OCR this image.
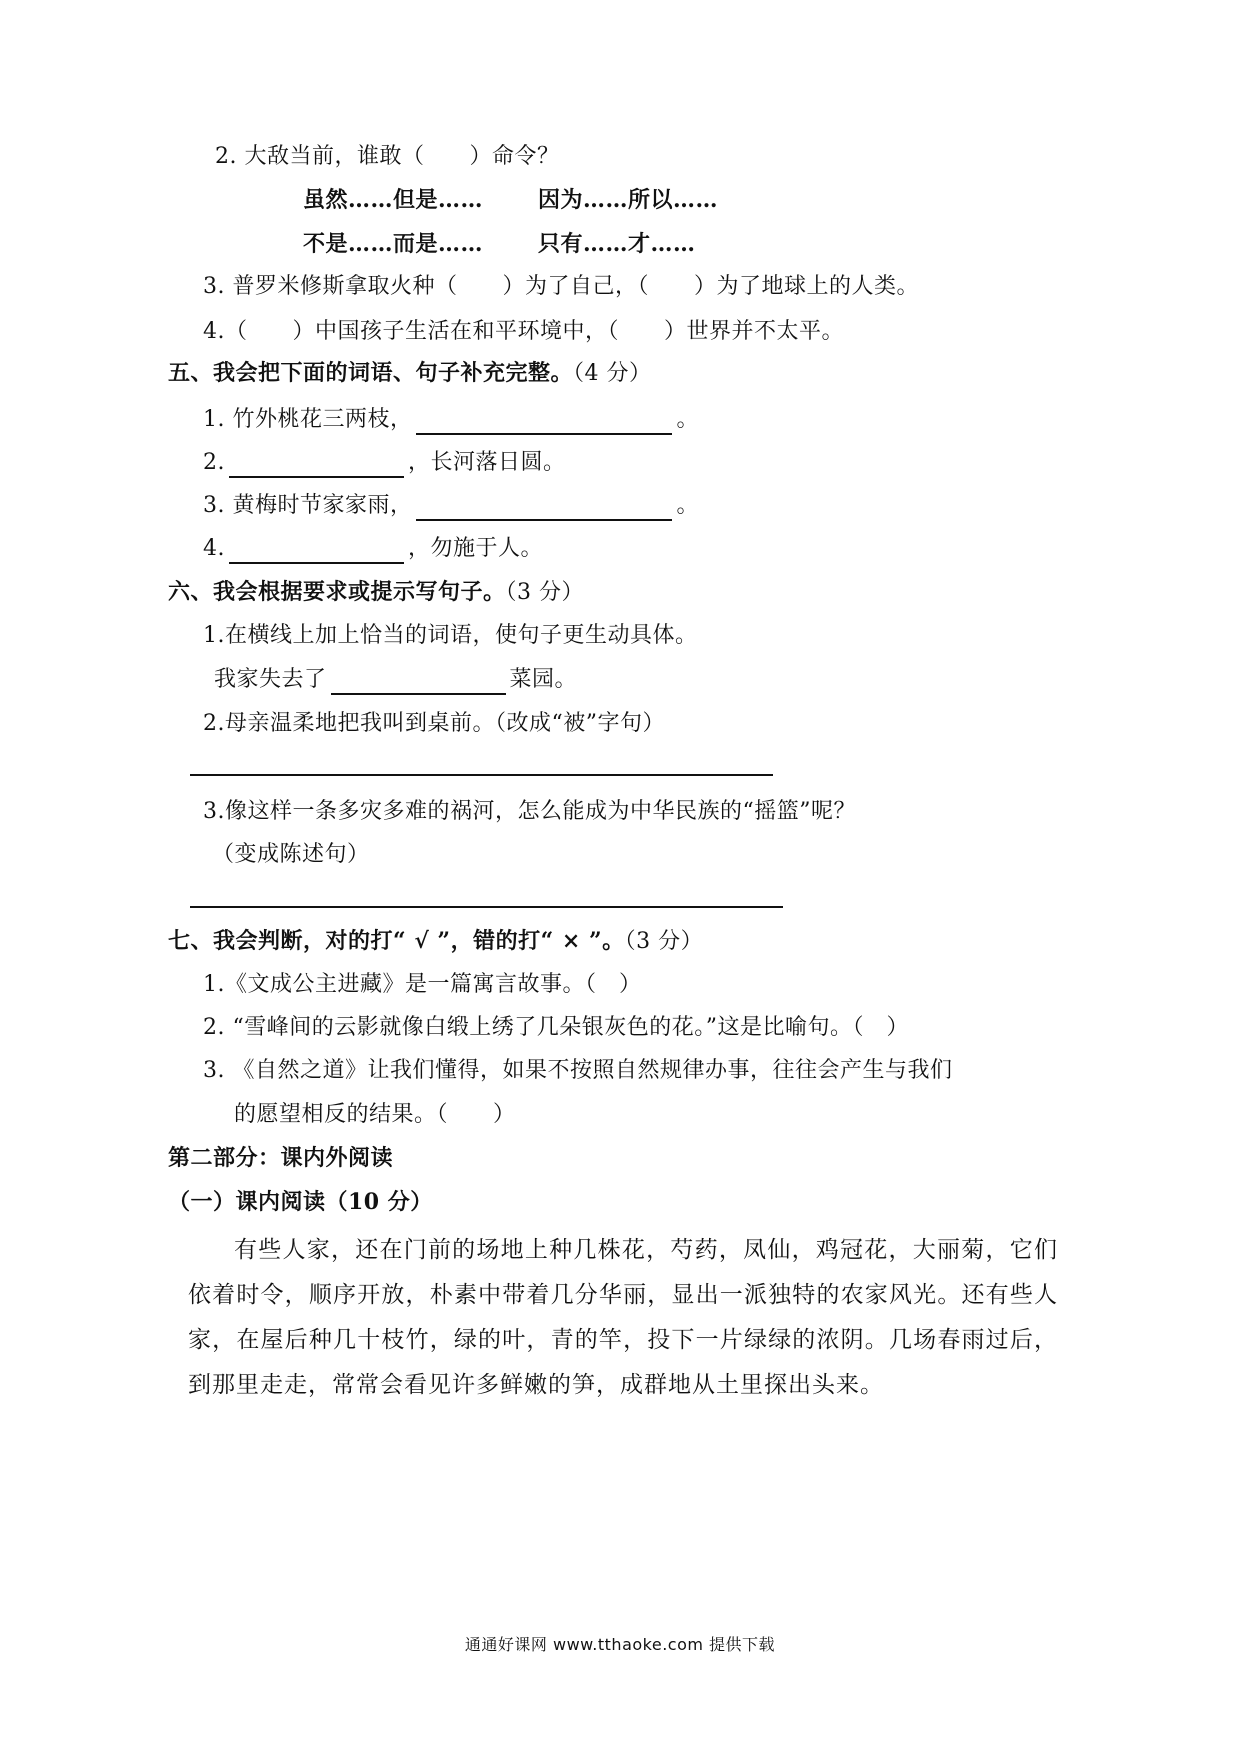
2. 大敌当前，谁敢（　　）命令？
虽然……但是…… 因为……所以……
不是……而是…… 只有……才……
3. 普罗米修斯拿取火种（　　）为了自己，（　　）为了地球上的人类。
4.（　　）中国孩子生活在和平环境中，（　　）世界并不太平。
五、我会把下面的词语、句子补充完整。（4 分）
1. 竹外桃花三两枝，	。
2.	，长河落日圆。
3. 黄梅时节家家雨，	。
4.	，勿施于人。
六、我会根据要求或提示写句子。（3 分）
1.在横线上加上恰当的词语，使句子更生动具体。
我家失去了	菜园。
2.母亲温柔地把我叫到桌前。（改成“被”字句）
3.像这样一条多灾多难的祸河，怎么能成为中华民族的“摇篮”呢？
（变成陈述句）
七、我会判断，对的打“ √ ”，错的打“ × ”。（3 分）
1.《文成公主进藏》是一篇寓言故事。（　）
2. “雪峰间的云影就像白缎上绣了几朵银灰色的花。”这是比喻句。（　）
3. 《自然之道》让我们懂得，如果不按照自然规律办事，往往会产生与我们
的愿望相反的结果。（　　）
第二部分：课内外阅读
（一）课内阅读（10 分）
有些人家，还在门前的场地上种几株花，芍药，凤仙，鸡冠花，大丽菊，它们依着时令，顺序开放，朴素中带着几分华丽，显出一派独特的农家风光。还有些人家，在屋后种几十枝竹，绿的叶，青的竿，投下一片绿绿的浓阴。几场春雨过后，到那里走走，常常会看见许多鲜嫩的笋，成群地从土里探出头来。
通通好课网 www.tthaoke.com 提供下载
